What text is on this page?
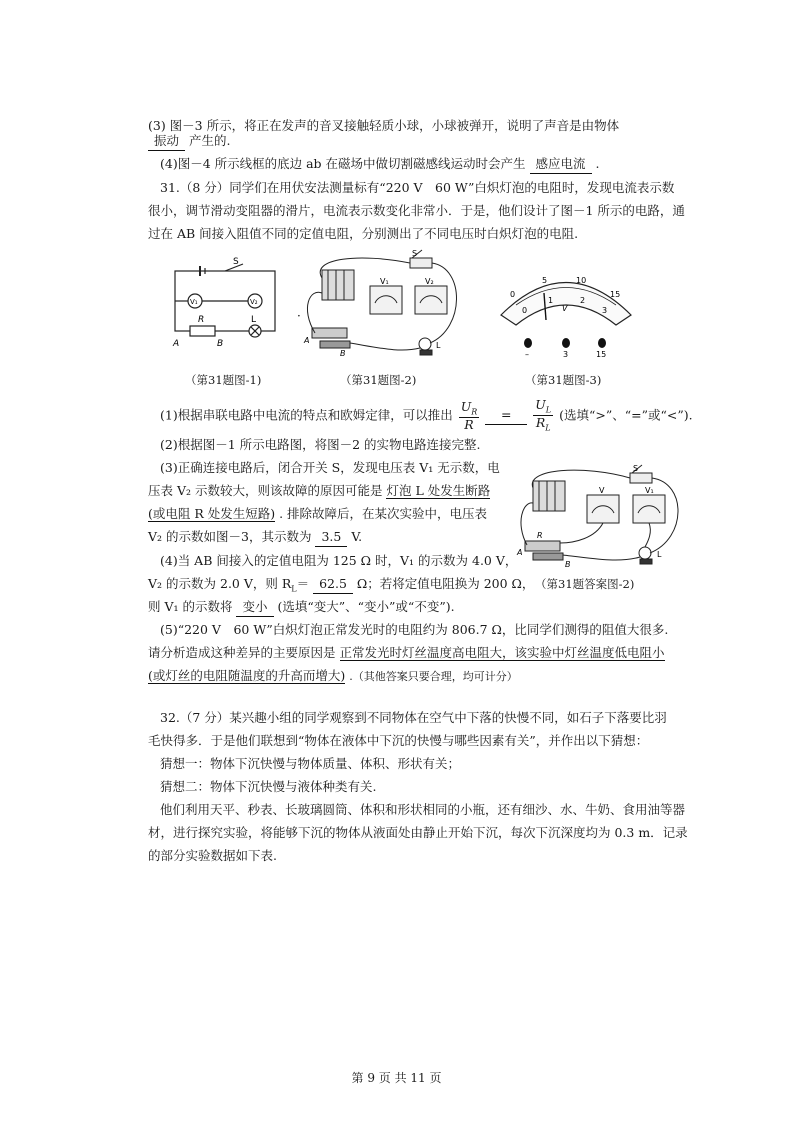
(3) 图－3 所示，将正在发声的音叉接触轻质小球，小球被弹开，说明了声音是由物体
振动 产生的.
(4)图－4 所示线框的底边 ab 在磁场中做切割磁感线运动时会产生 感应电流 .
31.（8 分）同学们在用伏安法测量标有“220 V　60 W”白炽灯泡的电阻时，发现电流表示数
很小，调节滑动变阻器的滑片，电流表示数变化非常小．于是，他们设计了图－1 所示的电路，通
过在 AB 间接入阻值不同的定值电阻，分别测出了不同电压时白炽灯泡的电阻.
S
V₁	V₂
R	L
A	B
（第31题图-1)
S
V₁	V₂
A
B
L
（第31题图-2)
·
0
5	10
15
0
1	2
3
V
–	3	15
（第31题图-3)
(1)根据串联电路中电流的特点和欧姆定律，可以推出 $\frac{U_R}{R} = \frac{U_L}{R_L}$ (选填“>”、“=”或“<”).
(2)根据图－1 所示电路图，将图－2 的实物电路连接完整.
(3)正确连接电路后，闭合开关 S，发现电压表 V₁ 无示数，电
压表 V₂ 示数较大，则该故障的原因可能是 灯泡 L 处发生断路
(或电阻 R 处发生短路) . 排除故障后，在某次实验中，电压表
V₂ 的示数如图－3，其示数为 3.5 V.
S
V	V₁
R
A
B
L
（第31题答案图-2)
(4)当 AB 间接入的定值电阻为 125 Ω 时，V₁ 的示数为 4.0 V，
V₂ 的示数为 2.0 V，则 $R_L= 62.5$ Ω；若将定值电阻换为 200 Ω，
则 V₁ 的示数将 变小 (选填“变大”、“变小”或“不变”).
(5)“220 V　60 W”白炽灯泡正常发光时的电阻约为 806.7 Ω，比同学们测得的阻值大很多.
请分析造成这种差异的主要原因是 正常发光时灯丝温度高电阻大，该实验中灯丝温度低电阻小
(或灯丝的电阻随温度的升高而增大) .（其他答案只要合理，均可计分）
32.（7 分）某兴趣小组的同学观察到不同物体在空气中下落的快慢不同，如石子下落要比羽
毛快得多．于是他们联想到“物体在液体中下沉的快慢与哪些因素有关”，并作出以下猜想：
猜想一：物体下沉快慢与物体质量、体积、形状有关；
猜想二：物体下沉快慢与液体种类有关.
他们利用天平、秒表、长玻璃圆筒、体积和形状相同的小瓶，还有细沙、水、牛奶、食用油等器
材，进行探究实验，将能够下沉的物体从液面处由静止开始下沉，每次下沉深度均为 0.3 m．记录
的部分实验数据如下表.
第 9 页 共 11 页
